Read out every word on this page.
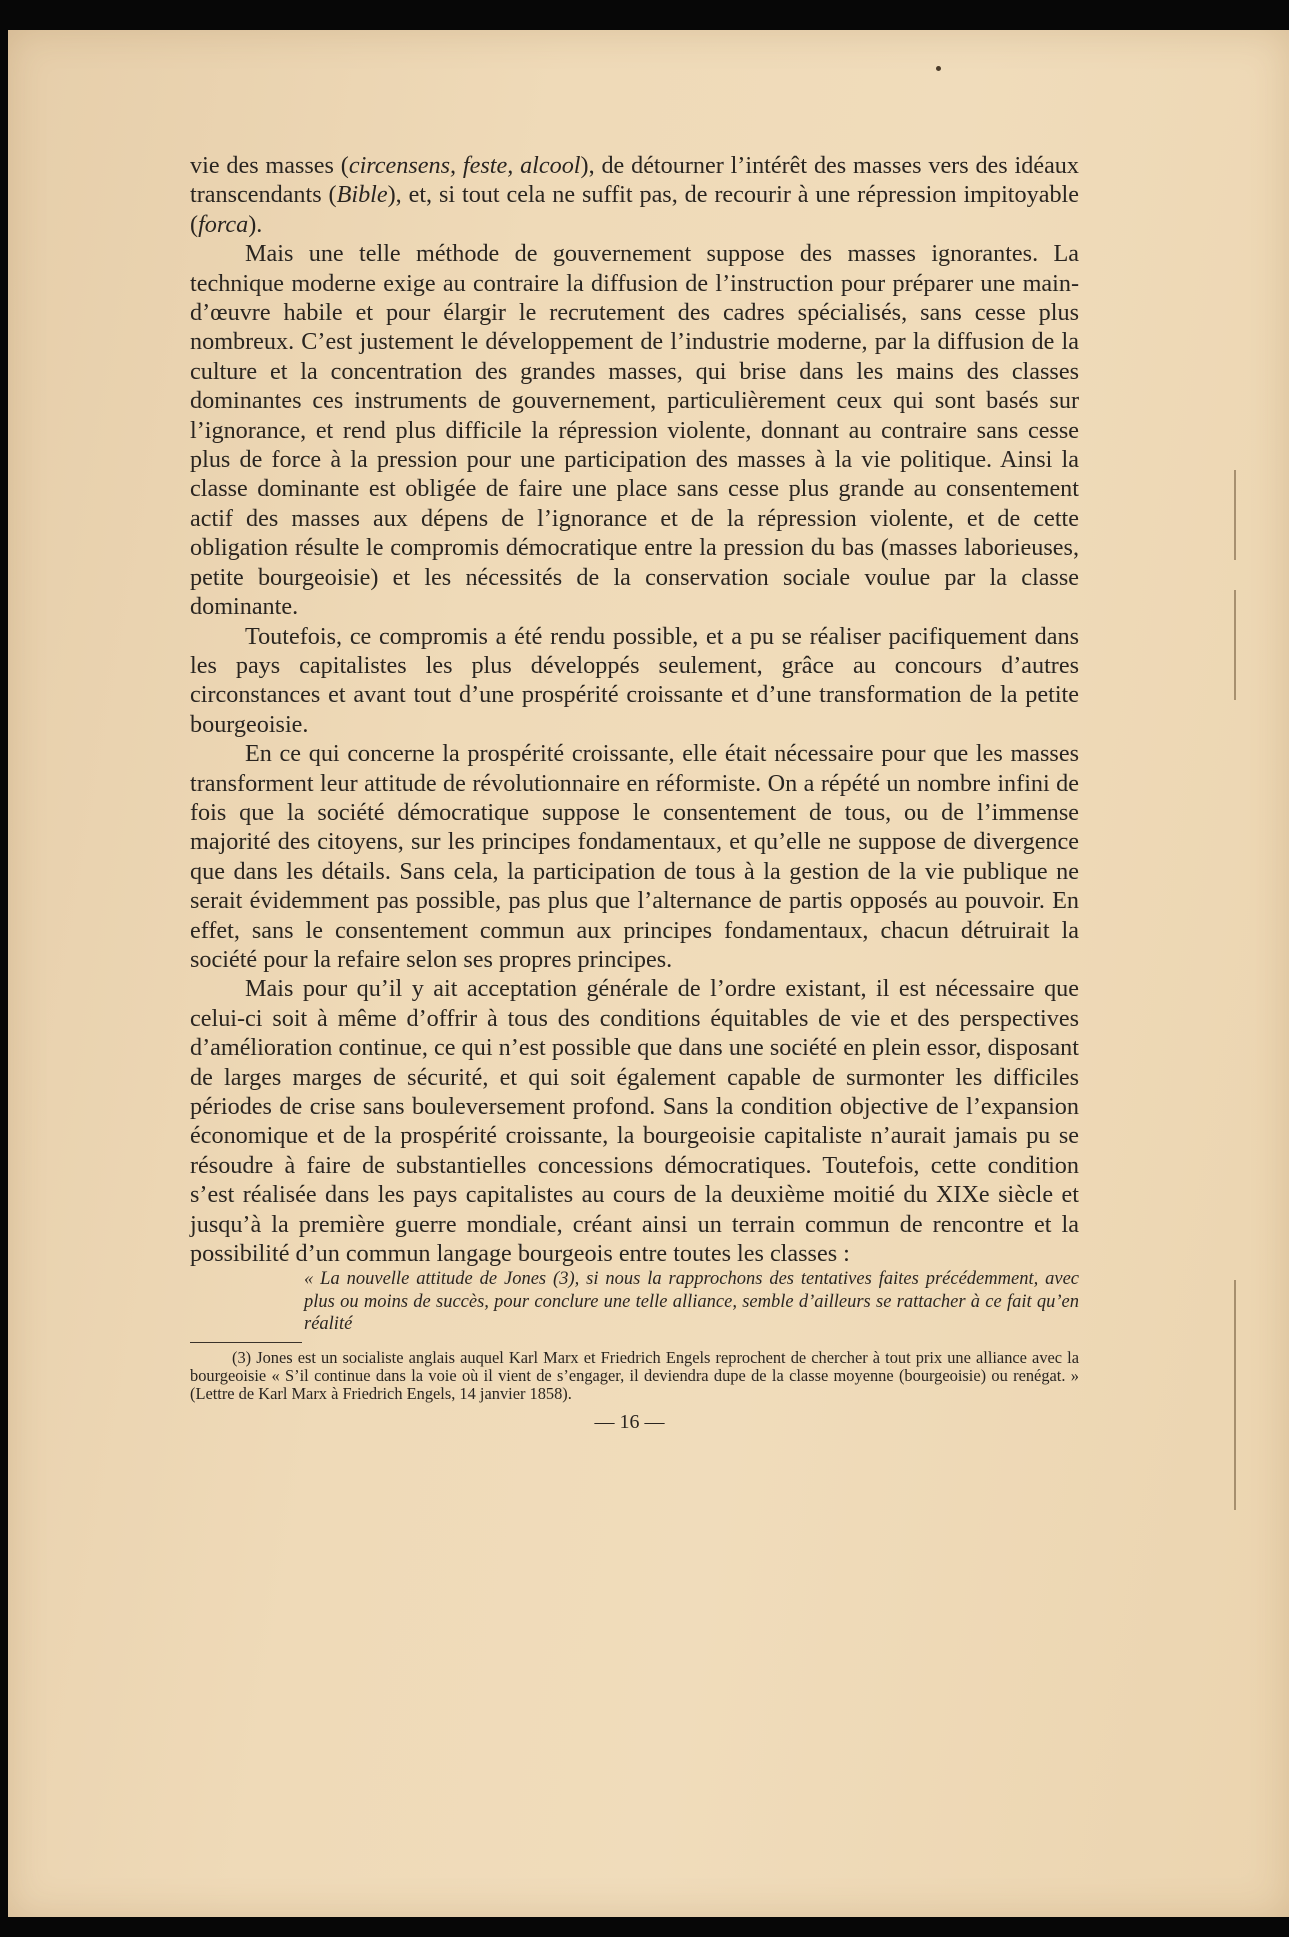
vie des masses (circensens, feste, alcool), de détourner l’intérêt des masses vers des idéaux transcendants (Bible), et, si tout cela ne suffit pas, de recourir à une répression impitoyable (forca).

Mais une telle méthode de gouvernement suppose des masses ignorantes. La technique moderne exige au contraire la diffusion de l’instruction pour préparer une main-d’œuvre habile et pour élargir le recrutement des cadres spécialisés, sans cesse plus nombreux. C’est justement le développement de l’industrie moderne, par la diffusion de la culture et la concentration des grandes masses, qui brise dans les mains des classes dominantes ces instruments de gouvernement, particulièrement ceux qui sont basés sur l’ignorance, et rend plus difficile la répression violente, donnant au contraire sans cesse plus de force à la pression pour une participation des masses à la vie politique. Ainsi la classe dominante est obligée de faire une place sans cesse plus grande au consentement actif des masses aux dépens de l’ignorance et de la répression violente, et de cette obligation résulte le compromis démocratique entre la pression du bas (masses laborieuses, petite bourgeoisie) et les nécessités de la conservation sociale voulue par la classe dominante.

Toutefois, ce compromis a été rendu possible, et a pu se réaliser pacifiquement dans les pays capitalistes les plus développés seulement, grâce au concours d’autres circonstances et avant tout d’une prospérité croissante et d’une transformation de la petite bourgeoisie.

En ce qui concerne la prospérité croissante, elle était nécessaire pour que les masses transforment leur attitude de révolutionnaire en réformiste. On a répété un nombre infini de fois que la société démocratique suppose le consentement de tous, ou de l’immense majorité des citoyens, sur les principes fondamentaux, et qu’elle ne suppose de divergence que dans les détails. Sans cela, la participation de tous à la gestion de la vie publique ne serait évidemment pas possible, pas plus que l’alternance de partis opposés au pouvoir. En effet, sans le consentement commun aux principes fondamentaux, chacun détruirait la société pour la refaire selon ses propres principes.

Mais pour qu’il y ait acceptation générale de l’ordre existant, il est nécessaire que celui-ci soit à même d’offrir à tous des conditions équitables de vie et des perspectives d’amélioration continue, ce qui n’est possible que dans une société en plein essor, disposant de larges marges de sécurité, et qui soit également capable de surmonter les difficiles périodes de crise sans bouleversement profond. Sans la condition objective de l’expansion économique et de la prospérité croissante, la bourgeoisie capitaliste n’aurait jamais pu se résoudre à faire de substantielles concessions démocratiques. Toutefois, cette condition s’est réalisée dans les pays capitalistes au cours de la deuxième moitié du XIXe siècle et jusqu’à la première guerre mondiale, créant ainsi un terrain commun de rencontre et la possibilité d’un commun langage bourgeois entre toutes les classes :

« La nouvelle attitude de Jones (3), si nous la rapprochons des tentatives faites précédemment, avec plus ou moins de succès, pour conclure une telle alliance, semble d’ailleurs se rattacher à ce fait qu’en réalité

(3) Jones est un socialiste anglais auquel Karl Marx et Friedrich Engels reprochent de chercher à tout prix une alliance avec la bourgeoisie « S’il continue dans la voie où il vient de s’engager, il deviendra dupe de la classe moyenne (bourgeoisie) ou renégat. » (Lettre de Karl Marx à Friedrich Engels, 14 janvier 1858).

— 16 —
